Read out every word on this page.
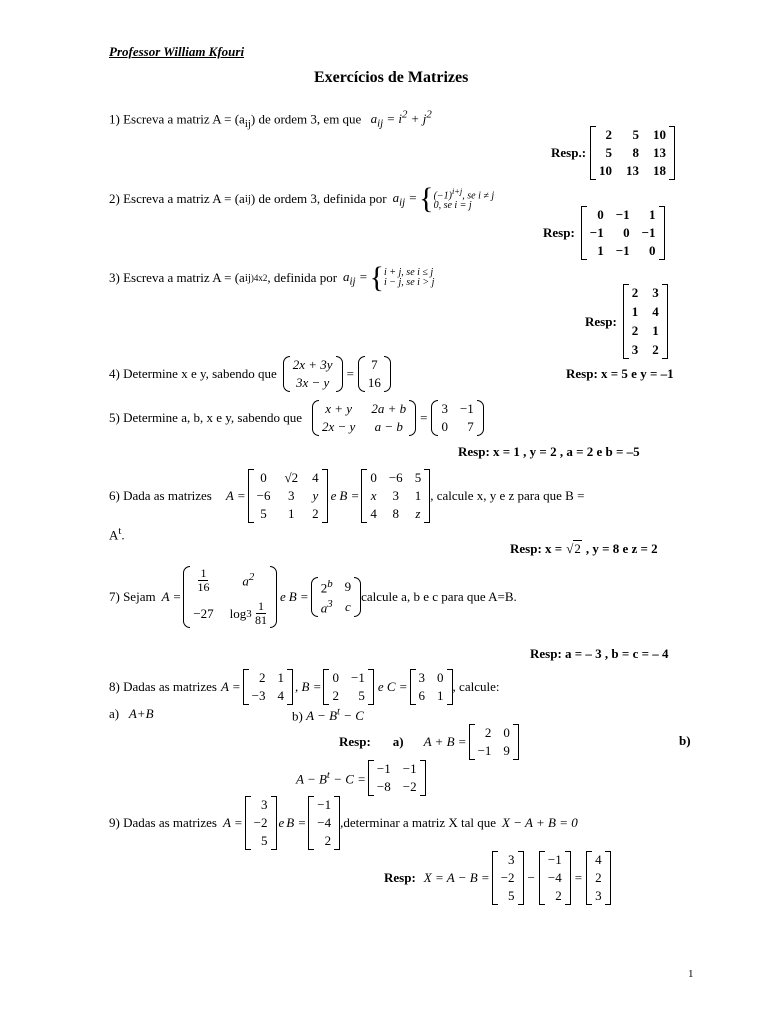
Professor William Kfouri
Exercícios de Matrizes
1) Escreva a matriz $A = (a_{ij})$ de ordem 3, em que $a_{ij} = i^2 + j^2$
Resp.:
2 5 10
5 8 13
10 13 18
2) Escreva a matriz A = (a ij ) de ordem 3, definida por $a_{ij}$ = { $(-1)^{i+j}$, se i ≠ j
0, se i = j
Resp:
0 −1 1
−1 0 −1
1 −1 0
3) Escreva a matriz A = (a ij )4x2 , definida por $a_{ij}$ = { i + j, se i ≤ j
i − j, se i > j
Resp:
2 3
1 4
2 1
3 2
4) Determine x e y, sabendo que
2x + 3y
3x − y
=
7
16
Resp: x = 5 e y = –1
5) Determine a, b, x e y, sabendo que
x + y 2a + b
2x − y a − b
=
3 −1
0 7
Resp: x = 1 , y = 2 , a = 2 e b = –5
6) Dada as matrizes A =
0 √2 4
−6 3 y
5 1 2
e B =
0 −6 5
x 3 1
4 8 z
, calcule x, y e z para que B =
$A^t$.
Resp: x = √2 , y = 8 e z = 2
7) Sejam A =
$\frac{1}{16}$	$a^2$
−27 log 3
$\frac{1}{81}$
e B =
$2^b$ 9
$a^3$ c
calcule a, b e c para que A=B.
Resp: a = – 3 , b = c = – 4
8) Dadas as matrizes A =
2 1
−3 4
, B =
0 −1
2 5
e C =
3 0
6 1
, calcule:
a) A+B	b) $A - B^t - C$
Resp: a) A + B =
2 0
−1 9
b)
$A - B^t - C$ =
−1 −1
−8 −2
9) Dadas as matrizes A =
3
−2
5
e B =
−1
−4
2
,determinar a matriz X tal que X − A + B = 0
Resp: X = A − B =
3
−2
5
−
−1
−4
2
=
4
2
3
1
